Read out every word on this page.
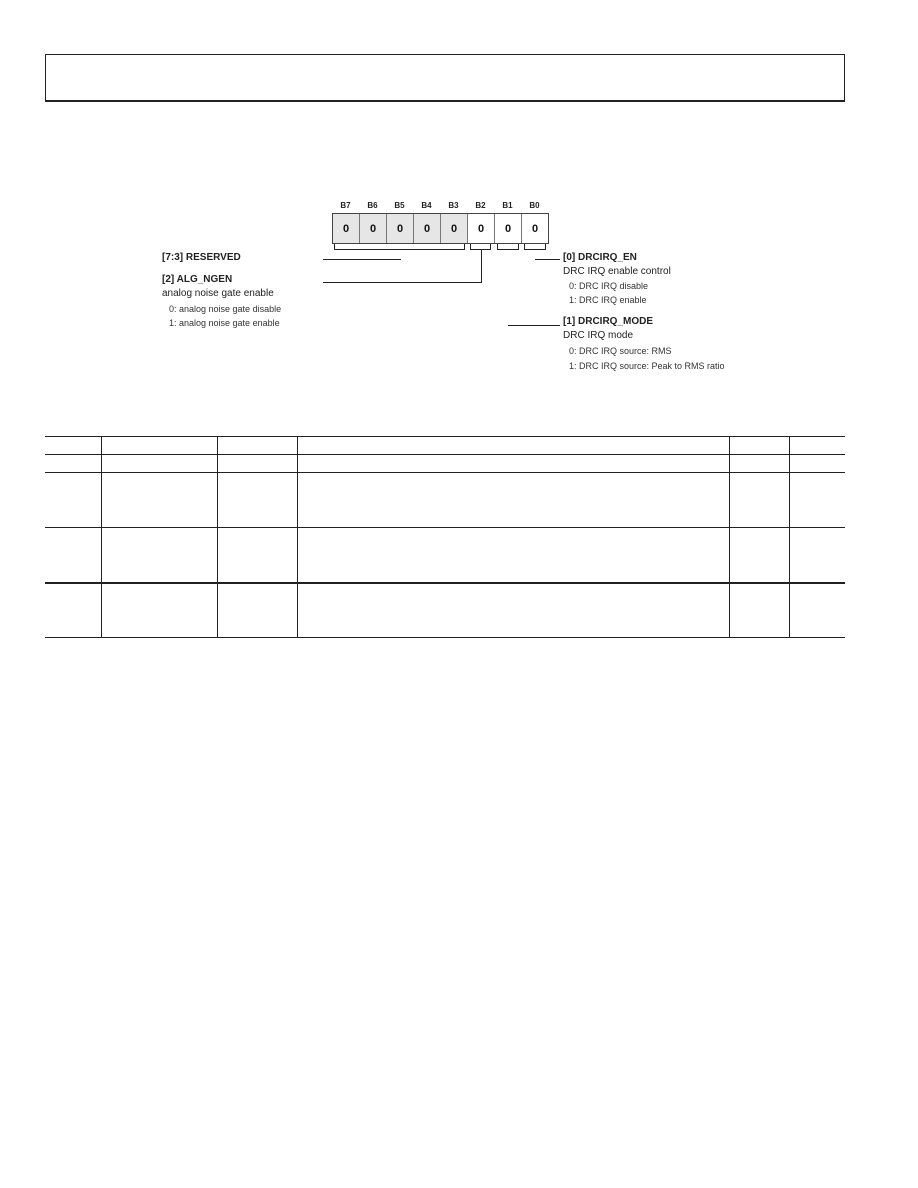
B7	B6	B5	B4	B3	B2	B1	B0
0	0	0	0	0	0	0	0
[7:3] RESERVED
[2] ALG_NGEN
analog noise gate enable
0: analog noise gate disable
1: analog noise gate enable
[0] DRCIRQ_EN
DRC IRQ enable control
0: DRC IRQ disable
1: DRC IRQ enable
[1] DRCIRQ_MODE
DRC IRQ mode
0: DRC IRQ source: RMS
1: DRC IRQ source: Peak to RMS ratio
